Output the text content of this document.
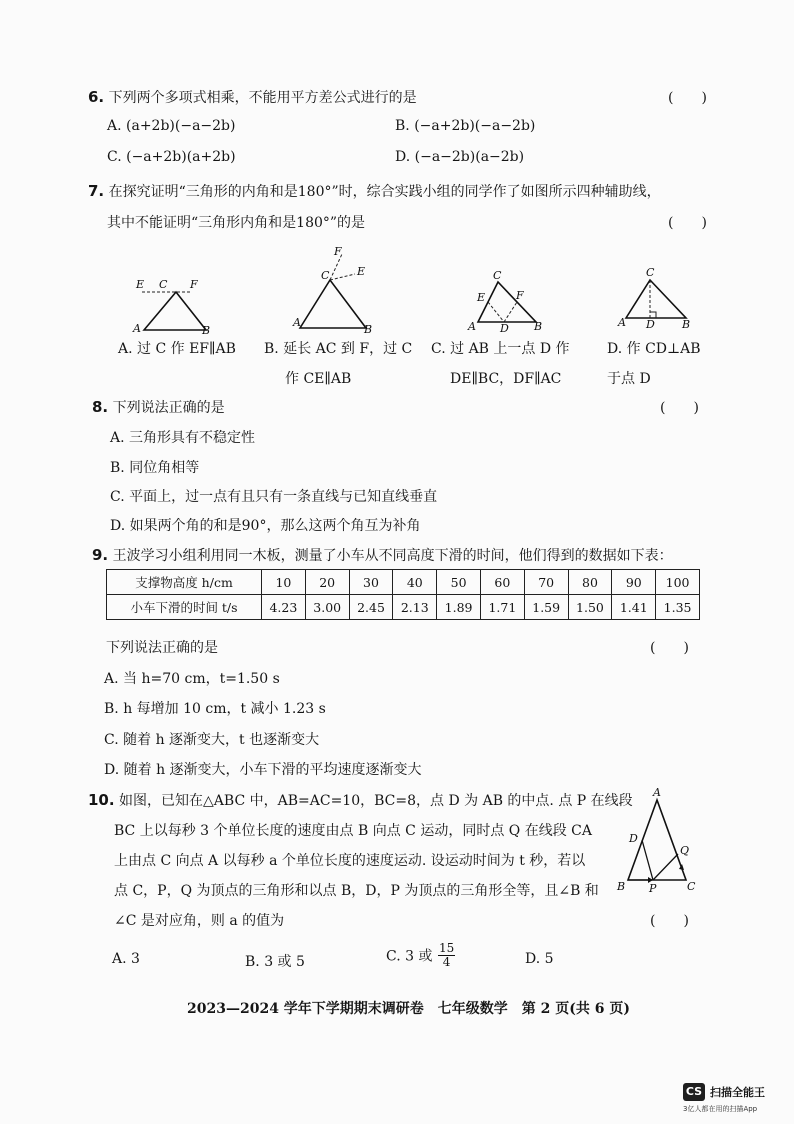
6. 下列两个多项式相乘，不能用平方差公式进行的是	(　　)
A. (a+2b)(−a−2b)	B. (−a+2b)(−a−2b)
C. (−a+2b)(a+2b)	D. (−a−2b)(a−2b)
7. 在探究证明“三角形的内角和是180°”时，综合实践小组的同学作了如图所示四种辅助线，
其中不能证明“三角形内角和是180°”的是	(　　)
E C F
A	B
F
C	E
A
B
C
E	F
A D B
C
A D B
A. 过 C 作 EF∥AB B. 延长 AC 到 F，过 C
作 CE∥AB
C. 过 AB 上一点 D 作
DE∥BC，DF∥AC
D. 作 CD⊥AB
于点 D
8. 下列说法正确的是	(　　)
A. 三角形具有不稳定性
B. 同位角相等
C. 平面上，过一点有且只有一条直线与已知直线垂直
D. 如果两个角的和是90°，那么这两个角互为补角
9. 王波学习小组利用同一木板，测量了小车从不同高度下滑的时间，他们得到的数据如下表：
支撑物高度 h/cm	10	20	30	40	50	60	70	80	90	100
小车下滑的时间 t/s	4.23	3.00	2.45	2.13	1.89	1.71	1.59	1.50	1.41	1.35
下列说法正确的是	(　　)
A. 当 h=70 cm，t=1.50 s
B. h 每增加 10 cm，t 减小 1.23 s
C. 随着 h 逐渐变大，t 也逐渐变大
D. 随着 h 逐渐变大，小车下滑的平均速度逐渐变大
10. 如图，已知在△ABC 中，AB=AC=10，BC=8，点 D 为 AB 的中点. 点 P 在线段
BC 上以每秒 3 个单位长度的速度由点 B 向点 C 运动，同时点 Q 在线段 CA
上由点 C 向点 A 以每秒 a 个单位长度的速度运动. 设运动时间为 t 秒，若以
点 C，P，Q 为顶点的三角形和以点 B，D，P 为顶点的三角形全等，且∠B 和
∠C 是对应角，则 a 的值为	(　　)
A
D
Q
B P	C
A. 3	B. 3 或 5	C. 3 或 $\frac{15}{4}$	D. 5
2023—2024 学年下学期期末调研卷　七年级数学　第 2 页(共 6 页)
CS 扫描全能王
3亿人都在用的扫描App
